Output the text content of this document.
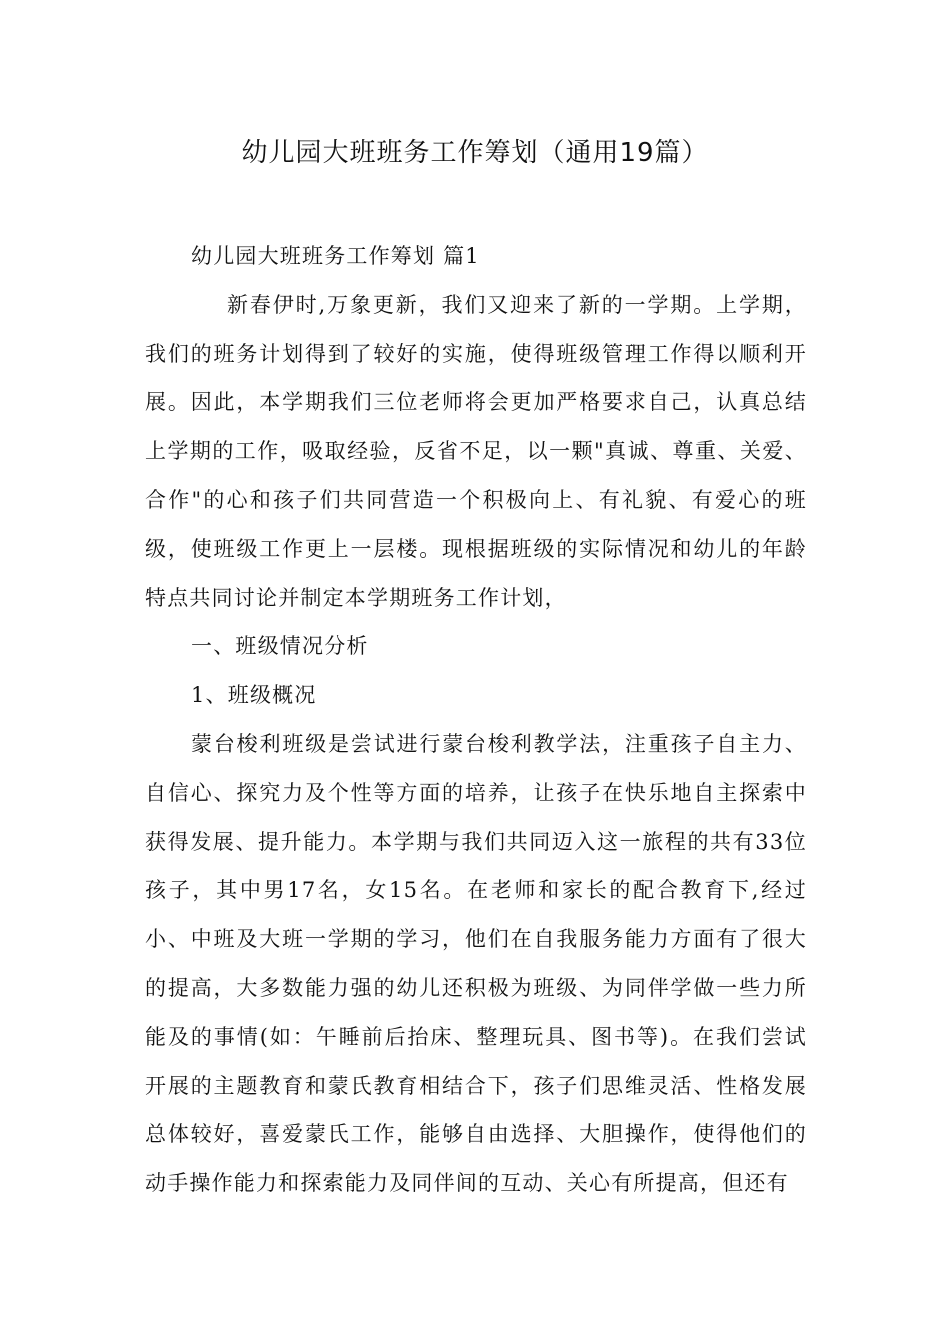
幼儿园大班班务工作筹划（通用19篇）

幼儿园大班班务工作筹划 篇1

新春伊时,万象更新，我们又迎来了新的一学期。上学期，我们的班务计划得到了较好的实施，使得班级管理工作得以顺利开展。因此，本学期我们三位老师将会更加严格要求自己，认真总结上学期的工作，吸取经验，反省不足，以一颗"真诚、尊重、关爱、合作"的心和孩子们共同营造一个积极向上、有礼貌、有爱心的班级，使班级工作更上一层楼。现根据班级的实际情况和幼儿的年龄特点共同讨论并制定本学期班务工作计划，

一、班级情况分析

1、班级概况

蒙台梭利班级是尝试进行蒙台梭利教学法，注重孩子自主力、自信心、探究力及个性等方面的培养，让孩子在快乐地自主探索中获得发展、提升能力。本学期与我们共同迈入这一旅程的共有33位孩子，其中男17名，女15名。在老师和家长的配合教育下,经过小、中班及大班一学期的学习，他们在自我服务能力方面有了很大的提高，大多数能力强的幼儿还积极为班级、为同伴学做一些力所能及的事情(如：午睡前后抬床、整理玩具、图书等)。在我们尝试开展的主题教育和蒙氏教育相结合下，孩子们思维灵活、性格发展总体较好，喜爱蒙氏工作，能够自由选择、大胆操作，使得他们的动手操作能力和探索能力及同伴间的互动、关心有所提高，但还有
